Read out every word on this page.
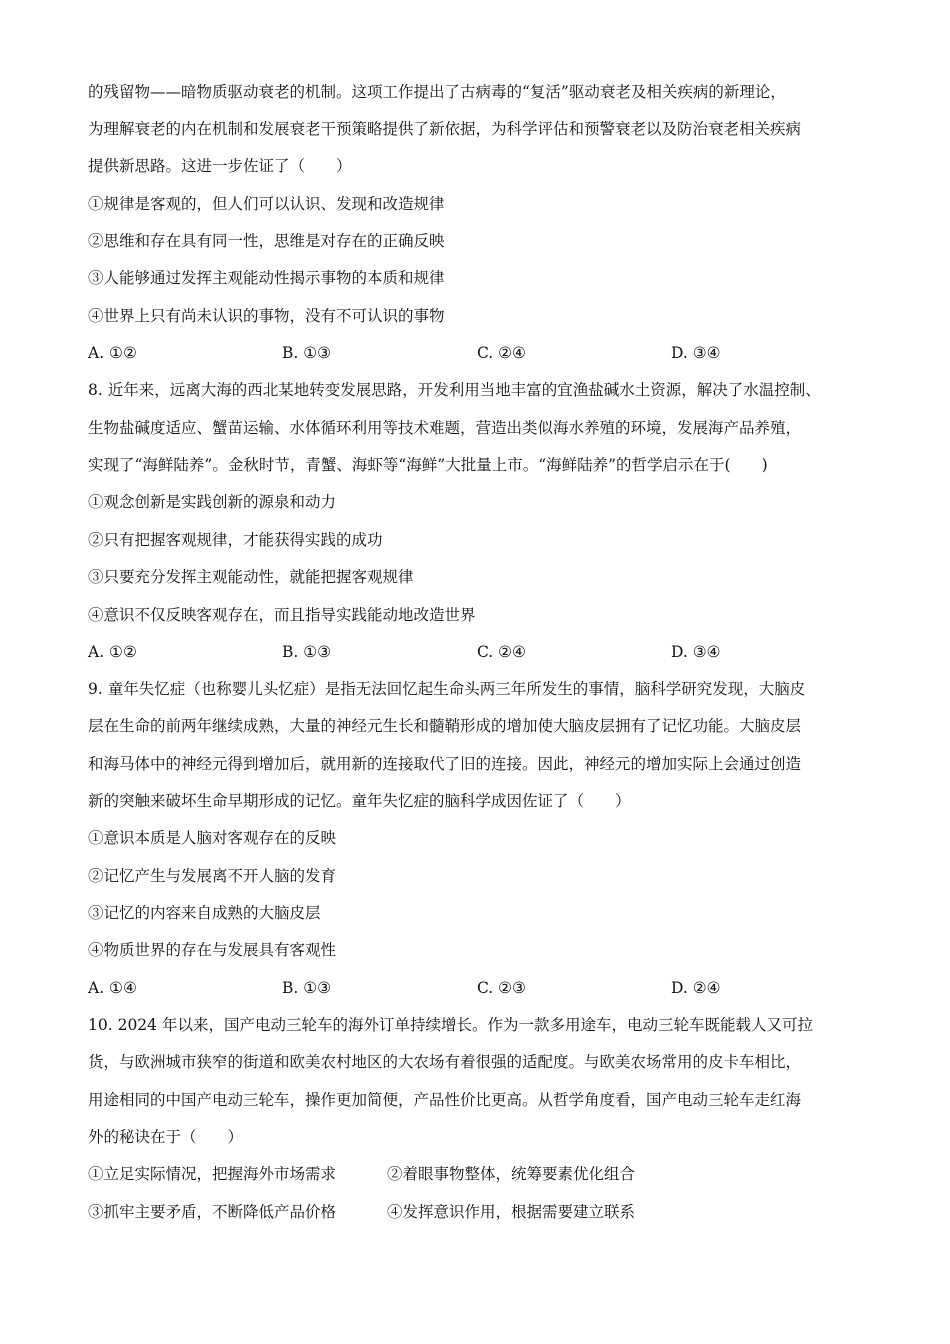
的残留物——暗物质驱动衰老的机制。这项工作提出了古病毒的“复活”驱动衰老及相关疾病的新理论，
为理解衰老的内在机制和发展衰老干预策略提供了新依据，为科学评估和预警衰老以及防治衰老相关疾病
提供新思路。这进一步佐证了（　　）
①规律是客观的，但人们可以认识、发现和改造规律
②思维和存在具有同一性，思维是对存在的正确反映
③人能够通过发挥主观能动性揭示事物的本质和规律
④世界上只有尚未认识的事物，没有不可认识的事物
A. ①②	B. ①③	C. ②④	D. ③④
8. 近年来，远离大海的西北某地转变发展思路，开发利用当地丰富的宜渔盐碱水土资源，解决了水温控制、
生物盐碱度适应、蟹苗运输、水体循环利用等技术难题，营造出类似海水养殖的环境，发展海产品养殖，
实现了“海鲜陆养”。金秋时节，青蟹、海虾等“海鲜”大批量上市。“海鲜陆养”的哲学启示在于(　　)
①观念创新是实践创新的源泉和动力
②只有把握客观规律，才能获得实践的成功
③只要充分发挥主观能动性，就能把握客观规律
④意识不仅反映客观存在，而且指导实践能动地改造世界
A. ①②	B. ①③	C. ②④	D. ③④
9. 童年失忆症（也称婴儿头忆症）是指无法回忆起生命头两三年所发生的事情，脑科学研究发现，大脑皮
层在生命的前两年继续成熟，大量的神经元生长和髓鞘形成的增加使大脑皮层拥有了记忆功能。大脑皮层
和海马体中的神经元得到增加后，就用新的连接取代了旧的连接。因此，神经元的增加实际上会通过创造
新的突触来破坏生命早期形成的记忆。童年失忆症的脑科学成因佐证了（　　）
①意识本质是人脑对客观存在的反映
②记忆产生与发展离不开人脑的发育
③记忆的内容来自成熟的大脑皮层
④物质世界的存在与发展具有客观性
A. ①④	B. ①③	C. ②③	D. ②④
10. 2024 年以来，国产电动三轮车的海外订单持续增长。作为一款多用途车，电动三轮车既能载人又可拉
货，与欧洲城市狭窄的街道和欧美农村地区的大农场有着很强的适配度。与欧美农场常用的皮卡车相比，
用途相同的中国产电动三轮车，操作更加简便，产品性价比更高。从哲学角度看，国产电动三轮车走红海
外的秘诀在于（　　）
①立足实际情况，把握海外市场需求	②着眼事物整体，统筹要素优化组合
③抓牢主要矛盾，不断降低产品价格	④发挥意识作用，根据需要建立联系
